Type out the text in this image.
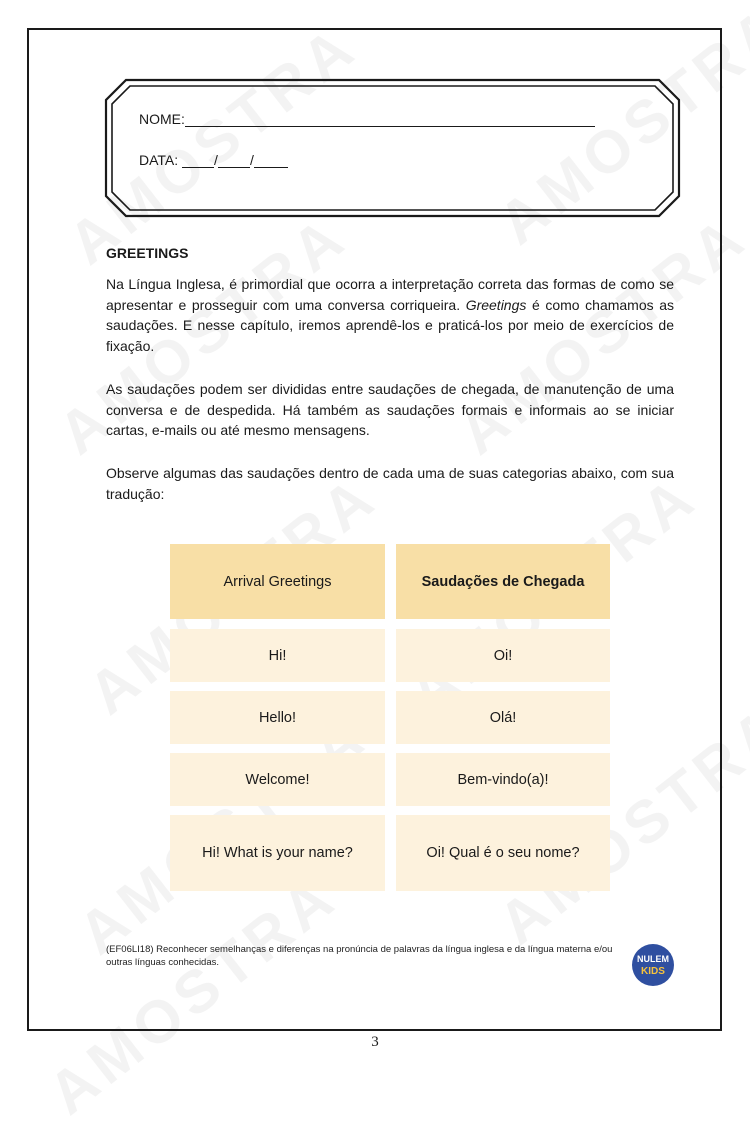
NOME:
DATA:	/ /
GREETINGS

Na Língua Inglesa, é primordial que ocorra a interpretação correta das formas de como se apresentar e prosseguir com uma conversa corriqueira. Greetings é como chamamos as saudações. E nesse capítulo, iremos aprendê-los e praticá-los por meio de exercícios de fixação.

As saudações podem ser divididas entre saudações de chegada, de manutenção de uma conversa e de despedida. Há também as saudações formais e informais ao se iniciar cartas, e-mails ou até mesmo mensagens.
Observe algumas das saudações dentro de cada uma de suas categorias abaixo, com sua tradução:
Arrival Greetings	Saudações de Chegada
Hi!	Oi!
Hello!	Olá!
Welcome!	Bem-vindo(a)!
Hi! What is your name?	Oi! Qual é o seu nome?
(EF06LI18) Reconhecer semelhanças e diferenças na pronúncia de palavras da língua inglesa e da língua materna e/ou outras línguas conhecidas.	NULEM
KIDS
3
